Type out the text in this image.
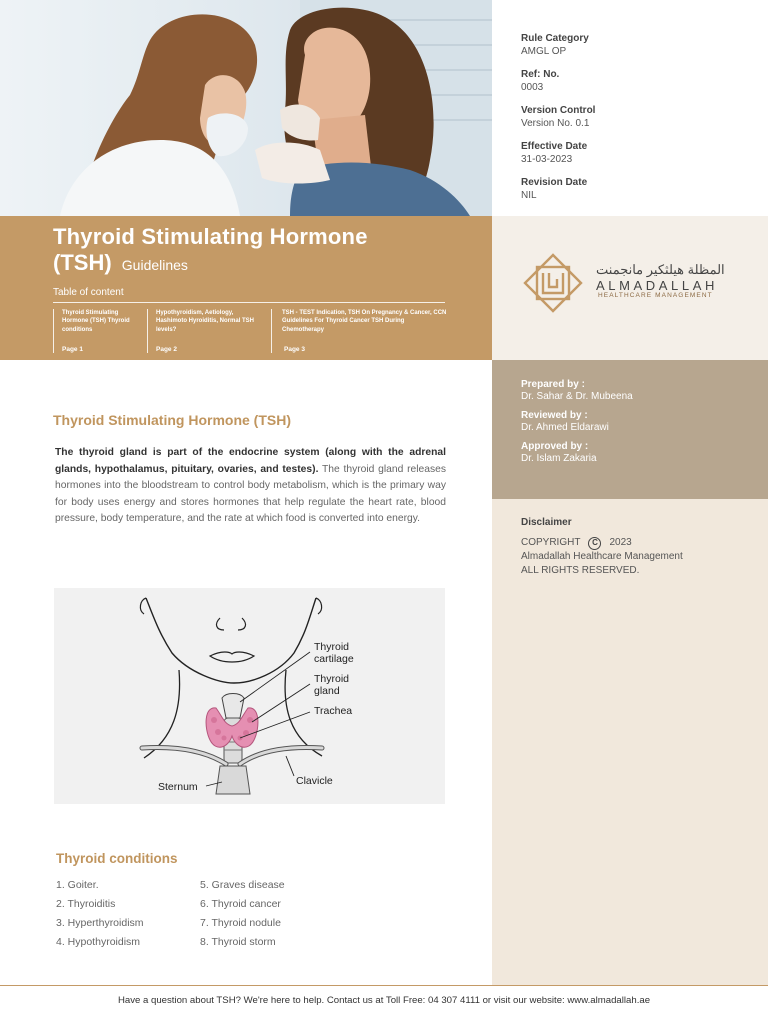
Rule Category
AMGL OP
Ref: No.
0003
Version Control
Version No. 0.1
Effective Date
31-03-2023
Revision Date
NIL
Thyroid Stimulating Hormone
(TSH) Guidelines
Table of content
Thyroid Stimulating Hormone (TSH) Thyroid conditions
Page 1
Hypothyroidism, Aetiology, Hashimoto Hyroiditis, Normal TSH levels?
Page 2
TSH - TEST Indication, TSH On Pregnancy & Cancer, CCN Guidelines For Thyroid Cancer TSH During Chemotherapy
Page 3
المظلة هيلثكير مانجمنت
ALMADALLAH
HEALTHCARE MANAGEMENT
Prepared by :
Dr. Sahar & Dr. Mubeena
Reviewed by :
Dr. Ahmed Eldarawi
Approved by :
Dr. Islam Zakaria
Disclaimer
COPYRIGHT	C	2023
Almadallah Healthcare Management
ALL RIGHTS RESERVED.
Thyroid Stimulating Hormone (TSH)
The thyroid gland is part of the endocrine system (along with the adrenal glands, hypothalamus, pituitary, ovaries, and testes). The thyroid gland releases hormones into the bloodstream to control body metabolism, which is the primary way for body uses energy and stores hormones that help regulate the heart rate, blood pressure, body temperature, and the rate at which food is converted into energy.
Thyroid
cartilage
Thyroid
gland
Trachea
Clavicle
Sternum
Thyroid conditions
1. Goiter.
2. Thyroiditis
3. Hyperthyroidism
4. Hypothyroidism
5. Graves disease
6. Thyroid cancer
7. Thyroid nodule
8. Thyroid storm
Have a question about TSH? We're here to help. Contact us at Toll Free: 04 307 4111 or visit our website: www.almadallah.ae
